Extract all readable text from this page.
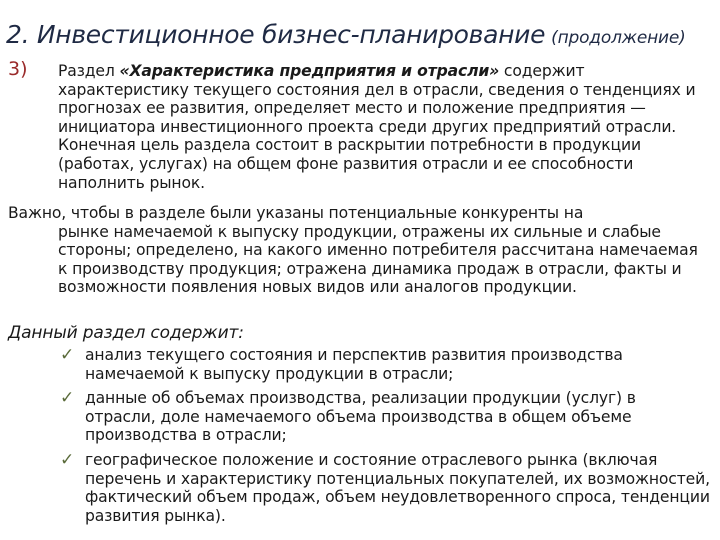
2. Инвестиционное бизнес-планирование (продолжение)
3) Раздел «Характеристика предприятия и отрасли» содержит характеристику текущего состояния дел в отрасли, сведения о тенденциях и прогнозах ее развития, определяет место и положение предприятия — инициатора инвестиционного проекта среди других предприятий отрасли. Конечная цель раздела состоит в раскрытии потребности в продукции (работах, услугах) на общем фоне развития отрасли и ее способности наполнить рынок.
Важно, чтобы в разделе были указаны потенциальные конкуренты на
рынке намечаемой к выпуску продукции, отражены их сильные и слабые стороны; определено, на какого именно потребителя рассчитана намечаемая к производству продукция; отражена динамика продаж в отрасли, факты и возможности появления новых видов или аналогов продукции.
Данный раздел содержит:
✓ анализ текущего состояния и перспектив развития производства намечаемой к выпуску продукции в отрасли;
✓ данные об объемах производства, реализации продукции (услуг) в отрасли, доле намечаемого объема производства в общем объеме производства в отрасли;
✓ географическое положение и состояние отраслевого рынка (включая перечень и характеристику потенциальных покупателей, их возможностей, фактический объем продаж, объем неудовлетворенного спроса, тенденции развития рынка).
